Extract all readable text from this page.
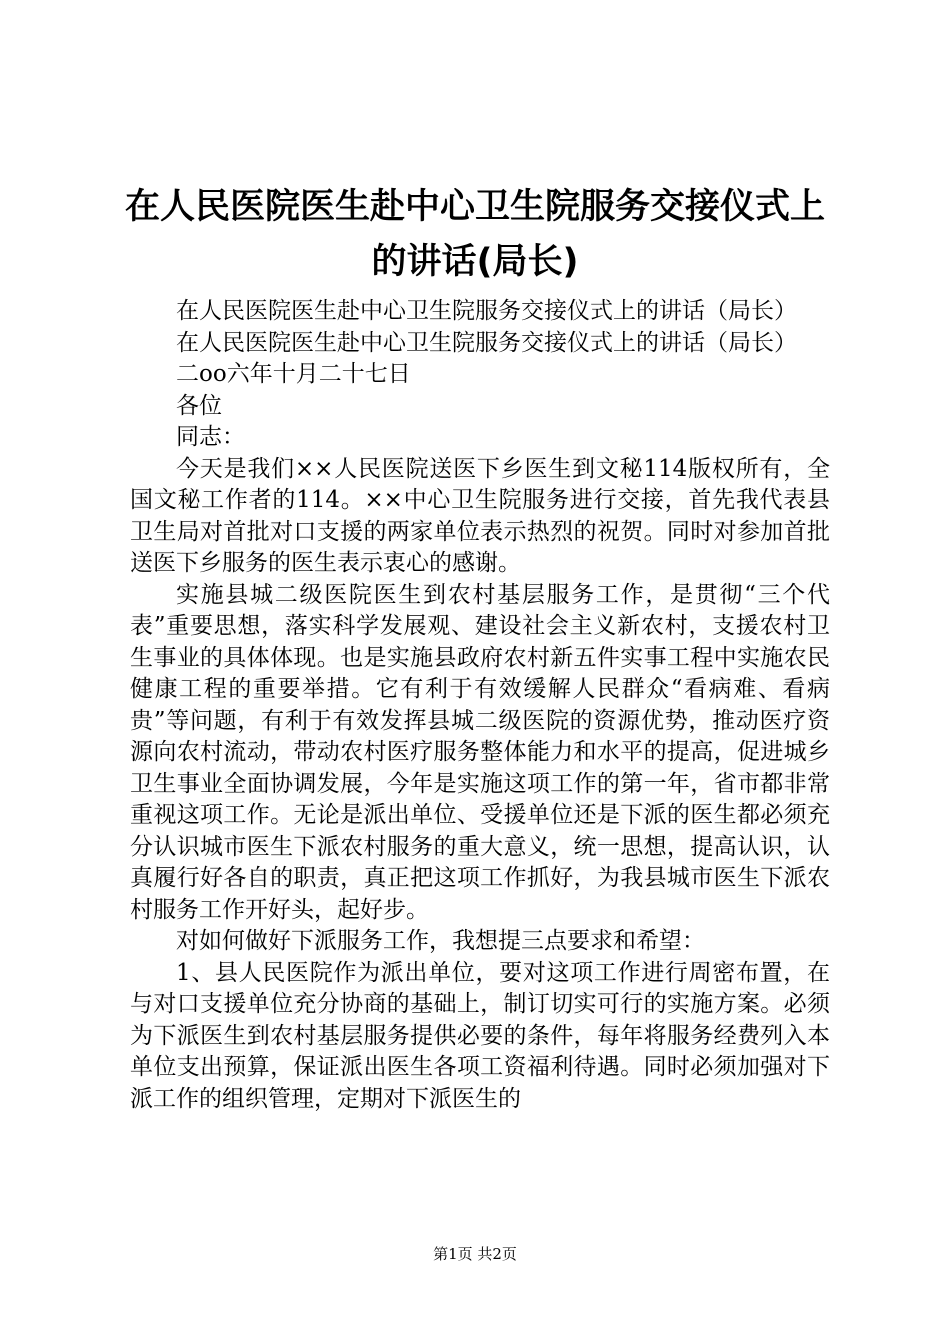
在人民医院医生赴中心卫生院服务交接仪式上的讲话(局长)

在人民医院医生赴中心卫生院服务交接仪式上的讲话（局长）

在人民医院医生赴中心卫生院服务交接仪式上的讲话（局长）

二oo六年十月二十七日

各位

同志：

今天是我们××人民医院送医下乡医生到文秘114版权所有，全国文秘工作者的114。××中心卫生院服务进行交接，首先我代表县卫生局对首批对口支援的两家单位表示热烈的祝贺。同时对参加首批送医下乡服务的医生表示衷心的感谢。

实施县城二级医院医生到农村基层服务工作，是贯彻“三个代表”重要思想，落实科学发展观、建设社会主义新农村，支援农村卫生事业的具体体现。也是实施县政府农村新五件实事工程中实施农民健康工程的重要举措。它有利于有效缓解人民群众“看病难、看病贵”等问题，有利于有效发挥县城二级医院的资源优势，推动医疗资源向农村流动，带动农村医疗服务整体能力和水平的提高，促进城乡卫生事业全面协调发展，今年是实施这项工作的第一年，省市都非常重视这项工作。无论是派出单位、受援单位还是下派的医生都必须充分认识城市医生下派农村服务的重大意义，统一思想，提高认识，认真履行好各自的职责，真正把这项工作抓好，为我县城市医生下派农村服务工作开好头，起好步。

对如何做好下派服务工作，我想提三点要求和希望：

1、县人民医院作为派出单位，要对这项工作进行周密布置，在与对口支援单位充分协商的基础上，制订切实可行的实施方案。必须为下派医生到农村基层服务提供必要的条件，每年将服务经费列入本单位支出预算，保证派出医生各项工资福利待遇。同时必须加强对下派工作的组织管理，定期对下派医生的

第1页 共2页
